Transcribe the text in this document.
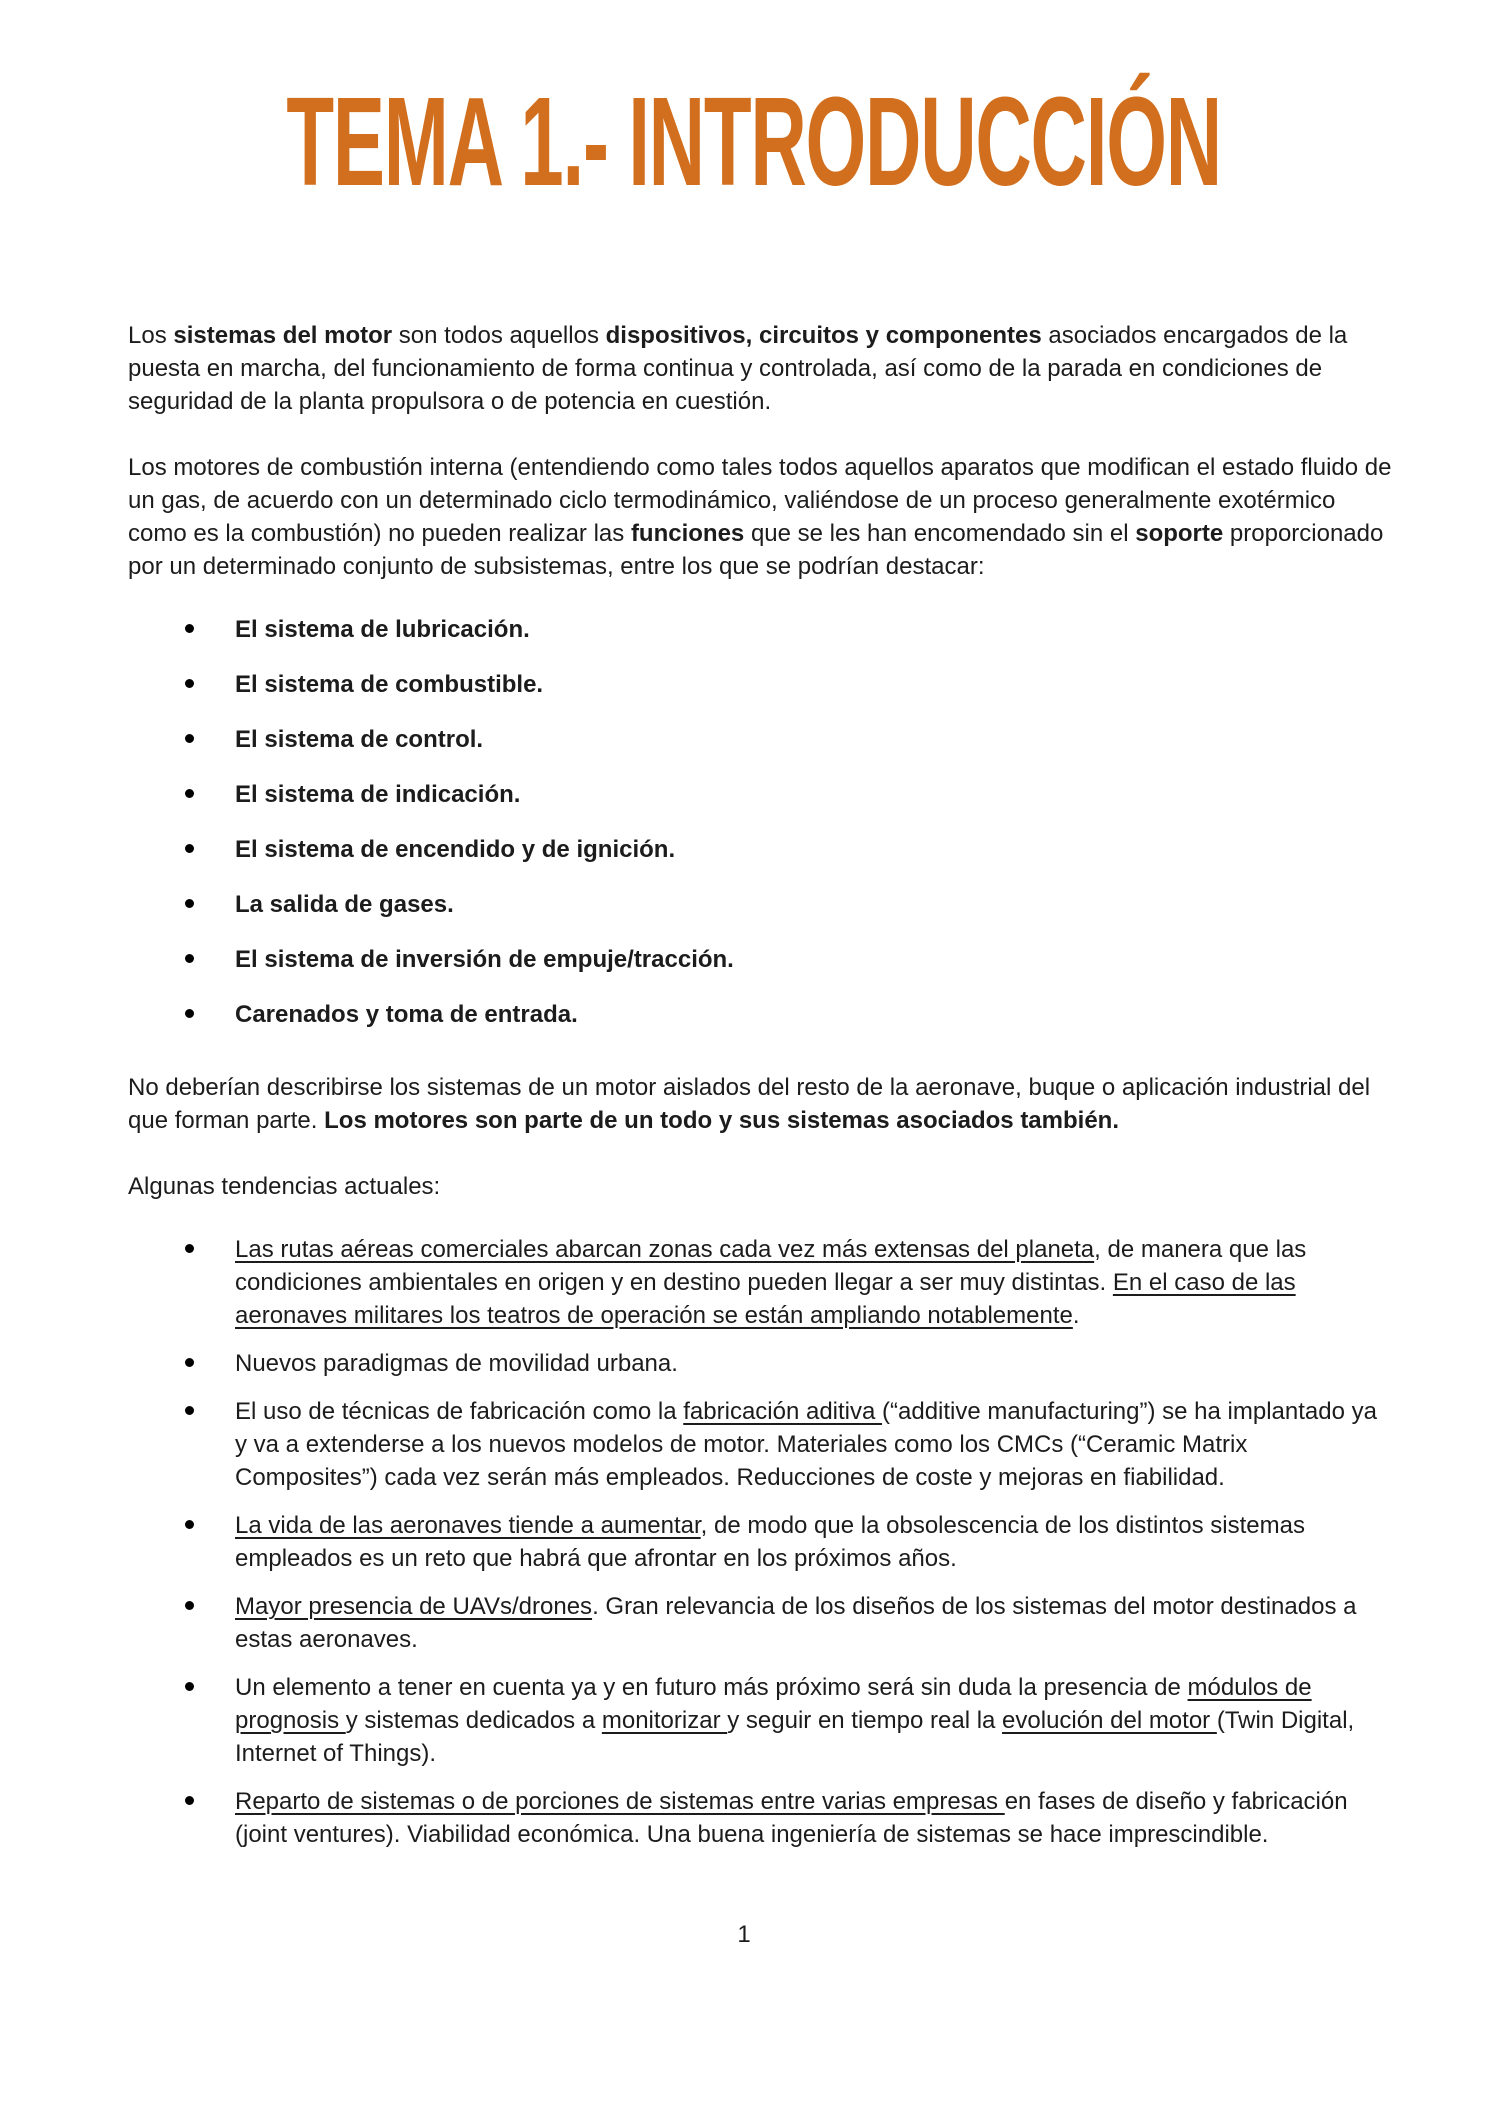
TEMA 1.- INTRODUCCIÓN

Los sistemas del motor son todos aquellos dispositivos, circuitos y componentes asociados encargados de la puesta en marcha, del funcionamiento de forma continua y controlada, así como de la parada en condiciones de seguridad de la planta propulsora o de potencia en cuestión.

Los motores de combustión interna (entendiendo como tales todos aquellos aparatos que modifican el estado fluido de un gas, de acuerdo con un determinado ciclo termodinámico, valiéndose de un proceso generalmente exotérmico como es la combustión) no pueden realizar las funciones que se les han encomendado sin el soporte proporcionado por un determinado conjunto de subsistemas, entre los que se podrían destacar:

El sistema de lubricación.
El sistema de combustible.
El sistema de control.
El sistema de indicación.
El sistema de encendido y de ignición.
La salida de gases.
El sistema de inversión de empuje/tracción.
Carenados y toma de entrada.

No deberían describirse los sistemas de un motor aislados del resto de la aeronave, buque o aplicación industrial del que forman parte. Los motores son parte de un todo y sus sistemas asociados también.

Algunas tendencias actuales:

Las rutas aéreas comerciales abarcan zonas cada vez más extensas del planeta, de manera que las condiciones ambientales en origen y en destino pueden llegar a ser muy distintas. En el caso de las aeronaves militares los teatros de operación se están ampliando notablemente.
Nuevos paradigmas de movilidad urbana.
El uso de técnicas de fabricación como la fabricación aditiva (“additive manufacturing”) se ha implantado ya y va a extenderse a los nuevos modelos de motor. Materiales como los CMCs (“Ceramic Matrix Composites”) cada vez serán más empleados. Reducciones de coste y mejoras en fiabilidad.
La vida de las aeronaves tiende a aumentar, de modo que la obsolescencia de los distintos sistemas empleados es un reto que habrá que afrontar en los próximos años.
Mayor presencia de UAVs/drones. Gran relevancia de los diseños de los sistemas del motor destinados a estas aeronaves.
Un elemento a tener en cuenta ya y en futuro más próximo será sin duda la presencia de módulos de prognosis y sistemas dedicados a monitorizar y seguir en tiempo real la evolución del motor (Twin Digital, Internet of Things).
Reparto de sistemas o de porciones de sistemas entre varias empresas en fases de diseño y fabricación (joint ventures). Viabilidad económica. Una buena ingeniería de sistemas se hace imprescindible.
1
